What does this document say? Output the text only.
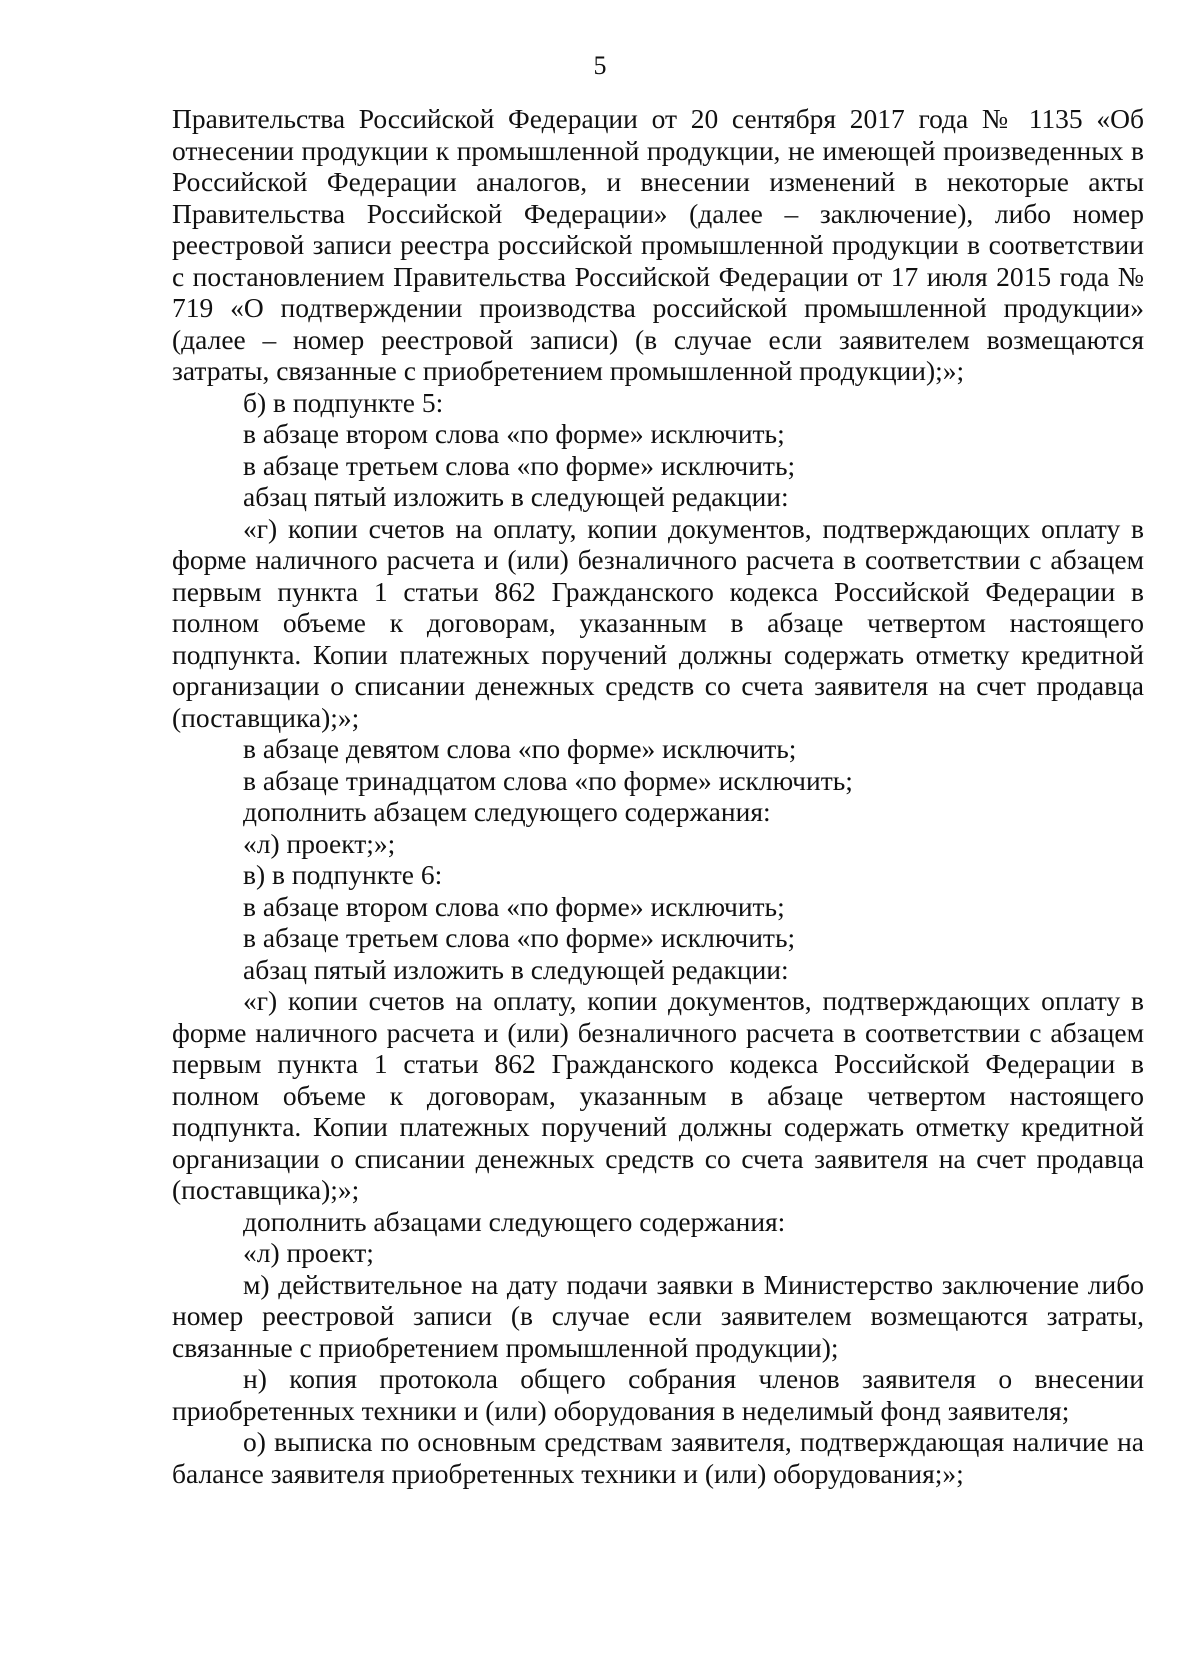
5

Правительства Российской Федерации от 20 сентября 2017 года № 1135 «Об отнесении продукции к промышленной продукции, не имеющей произведенных в Российской Федерации аналогов, и внесении изменений в некоторые акты Правительства Российской Федерации» (далее – заключение), либо номер реестровой записи реестра российской промышленной продукции в соответствии с постановлением Правительства Российской Федерации от 17 июля 2015 года № 719 «О подтверждении производства российской промышленной продукции» (далее – номер реестровой записи) (в случае если заявителем возмещаются затраты, связанные с приобретением промышленной продукции);»;

б) в подпункте 5:

в абзаце втором слова «по форме» исключить;

в абзаце третьем слова «по форме» исключить;

абзац пятый изложить в следующей редакции:

«г) копии счетов на оплату, копии документов, подтверждающих оплату в форме наличного расчета и (или) безналичного расчета в соответствии с абзацем первым пункта 1 статьи 862 Гражданского кодекса Российской Федерации в полном объеме к договорам, указанным в абзаце четвертом настоящего подпункта. Копии платежных поручений должны содержать отметку кредитной организации о списании денежных средств со счета заявителя на счет продавца (поставщика);»;

в абзаце девятом слова «по форме» исключить;

в абзаце тринадцатом слова «по форме» исключить;

дополнить абзацем следующего содержания:

«л) проект;»;

в) в подпункте 6:

в абзаце втором слова «по форме» исключить;

в абзаце третьем слова «по форме» исключить;

абзац пятый изложить в следующей редакции:

«г) копии счетов на оплату, копии документов, подтверждающих оплату в форме наличного расчета и (или) безналичного расчета в соответствии с абзацем первым пункта 1 статьи 862 Гражданского кодекса Российской Федерации в полном объеме к договорам, указанным в абзаце четвертом настоящего подпункта. Копии платежных поручений должны содержать отметку кредитной организации о списании денежных средств со счета заявителя на счет продавца (поставщика);»;

дополнить абзацами следующего содержания:

«л) проект;

м) действительное на дату подачи заявки в Министерство заключение либо номер реестровой записи (в случае если заявителем возмещаются затраты, связанные с приобретением промышленной продукции);

н) копия протокола общего собрания членов заявителя о внесении приобретенных техники и (или) оборудования в неделимый фонд заявителя;

о) выписка по основным средствам заявителя, подтверждающая наличие на балансе заявителя приобретенных техники и (или) оборудования;»;
